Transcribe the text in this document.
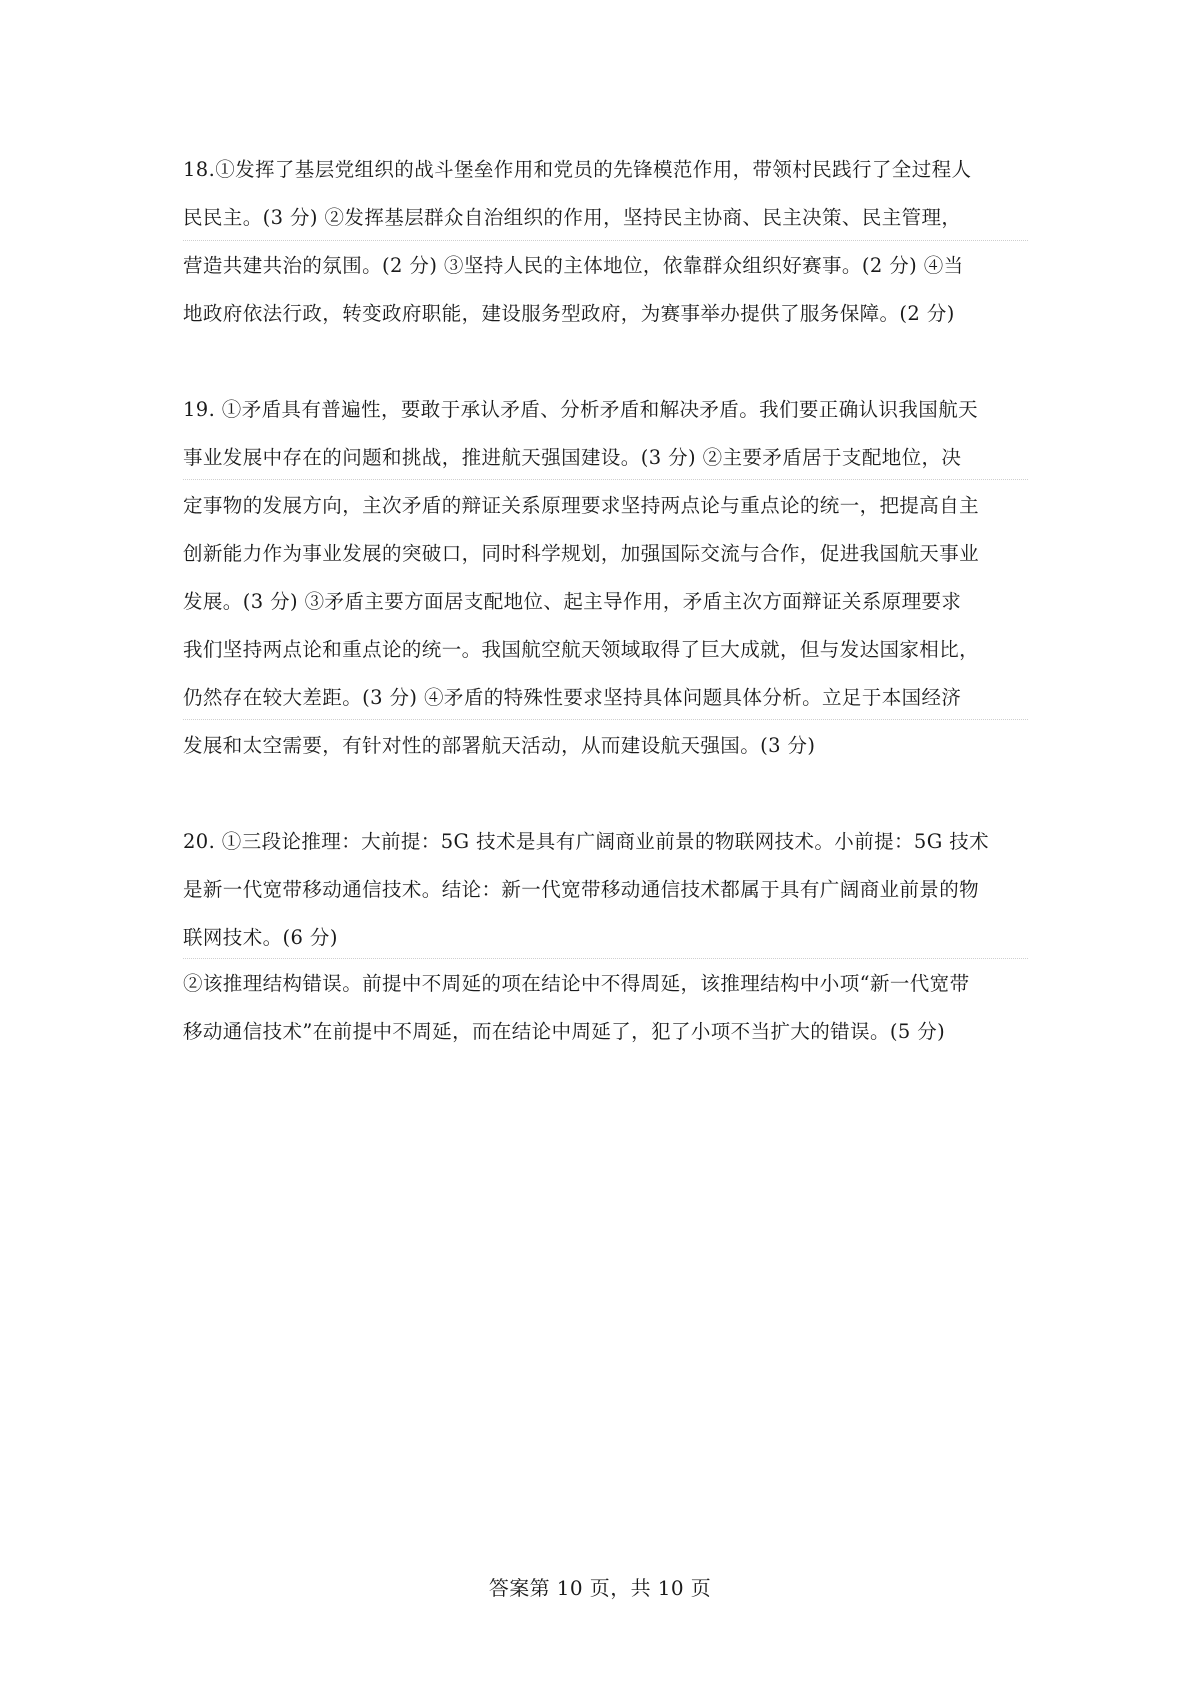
18.①发挥了基层党组织的战斗堡垒作用和党员的先锋模范作用，带领村民践行了全过程人
民民主。(3 分) ②发挥基层群众自治组织的作用，坚持民主协商、民主决策、民主管理，
营造共建共治的氛围。(2 分) ③坚持人民的主体地位，依靠群众组织好赛事。(2 分) ④当
地政府依法行政，转变政府职能，建设服务型政府，为赛事举办提供了服务保障。(2 分)
19. ①矛盾具有普遍性，要敢于承认矛盾、分析矛盾和解决矛盾。我们要正确认识我国航天
事业发展中存在的问题和挑战，推进航天强国建设。(3 分) ②主要矛盾居于支配地位，决
定事物的发展方向，主次矛盾的辩证关系原理要求坚持两点论与重点论的统一，把提高自主
创新能力作为事业发展的突破口，同时科学规划，加强国际交流与合作，促进我国航天事业
发展。(3 分) ③矛盾主要方面居支配地位、起主导作用，矛盾主次方面辩证关系原理要求
我们坚持两点论和重点论的统一。我国航空航天领域取得了巨大成就，但与发达国家相比，
仍然存在较大差距。(3 分) ④矛盾的特殊性要求坚持具体问题具体分析。立足于本国经济
发展和太空需要，有针对性的部署航天活动，从而建设航天强国。(3 分)
20. ①三段论推理：大前提：5G 技术是具有广阔商业前景的物联网技术。小前提：5G 技术
是新一代宽带移动通信技术。结论：新一代宽带移动通信技术都属于具有广阔商业前景的物
联网技术。(6 分)
②该推理结构错误。前提中不周延的项在结论中不得周延，该推理结构中小项“新一代宽带
移动通信技术”在前提中不周延，而在结论中周延了，犯了小项不当扩大的错误。(5 分)
答案第 10 页，共 10 页
